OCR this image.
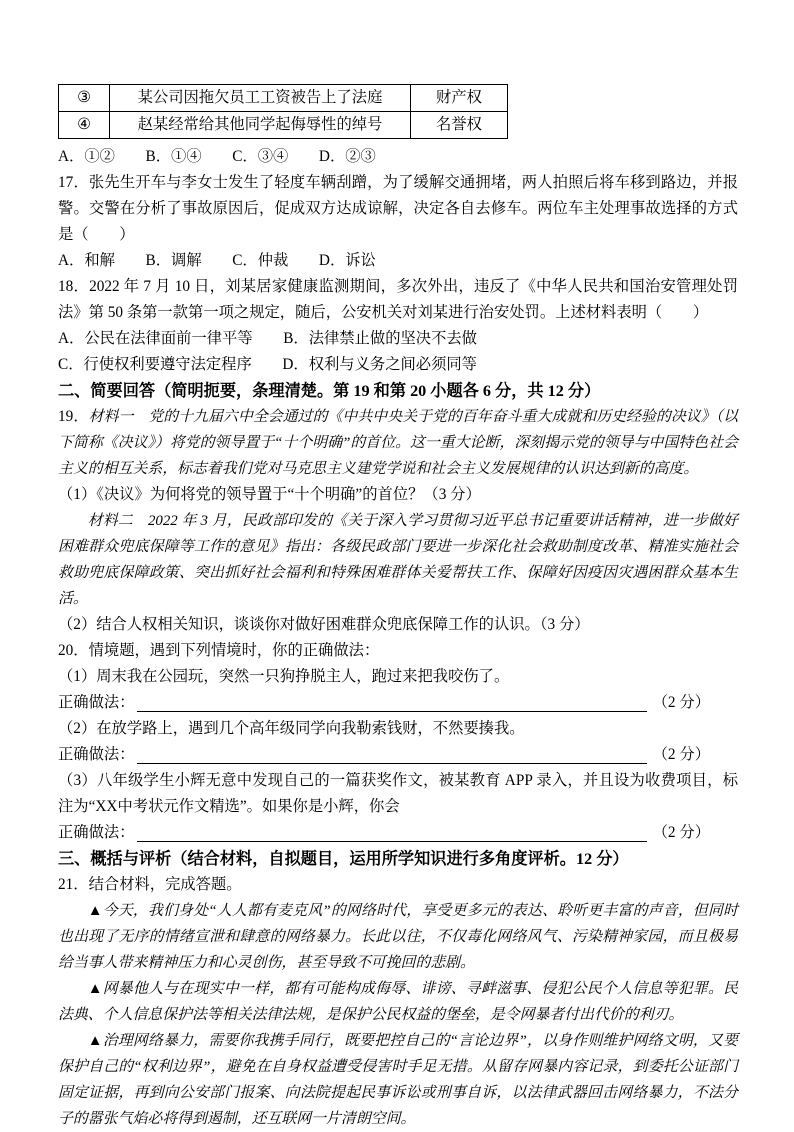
③	某公司因拖欠员工工资被告上了法庭	财产权
④	赵某经常给其他同学起侮辱性的绰号	名誉权

A．①②　　B．①④　　C．③④　　D．②③

17．张先生开车与李女士发生了轻度车辆刮蹭，为了缓解交通拥堵，两人拍照后将车移到路边，并报警。交警在分析了事故原因后，促成双方达成谅解，决定各自去修车。两位车主处理事故选择的方式是（　　）

A．和解　　B．调解　　C．仲裁　　D．诉讼

18．2022 年 7 月 10 日，刘某居家健康监测期间，多次外出，违反了《中华人民共和国治安管理处罚法》第 50 条第一款第一项之规定，随后，公安机关对刘某进行治安处罚。上述材料表明（　　）

A．公民在法律面前一律平等　　B．法律禁止做的坚决不去做

C．行使权利要遵守法定程序　　D．权利与义务之间必须同等

二、简要回答（简明扼要，条理清楚。第 19 和第 20 小题各 6 分，共 12 分）

19．材料一　党的十九届六中全会通过的《中共中央关于党的百年奋斗重大成就和历史经验的决议》（以下简称《决议》）将党的领导置于“十个明确”的首位。这一重大论断，深刻揭示党的领导与中国特色社会主义的相互关系，标志着我们党对马克思主义建党学说和社会主义发展规律的认识达到新的高度。

（1）《决议》为何将党的领导置于“十个明确”的首位？（3 分）

材料二　2022 年 3 月，民政部印发的《关于深入学习贯彻习近平总书记重要讲话精神，进一步做好困难群众兜底保障等工作的意见》指出：各级民政部门要进一步深化社会救助制度改革、精准实施社会救助兜底保障政策、突出抓好社会福利和特殊困难群体关爱帮扶工作、保障好因疫因灾遇困群众基本生活。

（2）结合人权相关知识，谈谈你对做好困难群众兜底保障工作的认识。（3 分）

20．情境题，遇到下列情境时，你的正确做法：

（1）周末我在公园玩，突然一只狗挣脱主人，跑过来把我咬伤了。

正确做法：	（2 分）

（2）在放学路上，遇到几个高年级同学向我勒索钱财，不然要揍我。

正确做法：	（2 分）

（3）八年级学生小辉无意中发现自己的一篇获奖作文，被某教育 APP 录入，并且设为收费项目，标注为“XX中考状元作文精选”。如果你是小辉，你会

正确做法：	（2 分）

三、概括与评析（结合材料，自拟题目，运用所学知识进行多角度评析。12 分）

21．结合材料，完成答题。

▲今天，我们身处“人人都有麦克风”的网络时代，享受更多元的表达、聆听更丰富的声音，但同时也出现了无序的情绪宣泄和肆意的网络暴力。长此以往，不仅毒化网络风气、污染精神家园，而且极易给当事人带来精神压力和心灵创伤，甚至导致不可挽回的悲剧。

▲网暴他人与在现实中一样，都有可能构成侮辱、诽谤、寻衅滋事、侵犯公民个人信息等犯罪。民法典、个人信息保护法等相关法律法规，是保护公民权益的堡垒，是令网暴者付出代价的利刃。

▲治理网络暴力，需要你我携手同行，既要把控自己的“言论边界”，以身作则维护网络文明，又要保护自己的“权利边界”，避免在自身权益遭受侵害时手足无措。从留存网暴内容记录，到委托公证部门固定证据，再到向公安部门报案、向法院提起民事诉讼或刑事自诉，以法律武器回击网络暴力，不法分子的嚣张气焰必将得到遏制，还互联网一片清朗空间。
